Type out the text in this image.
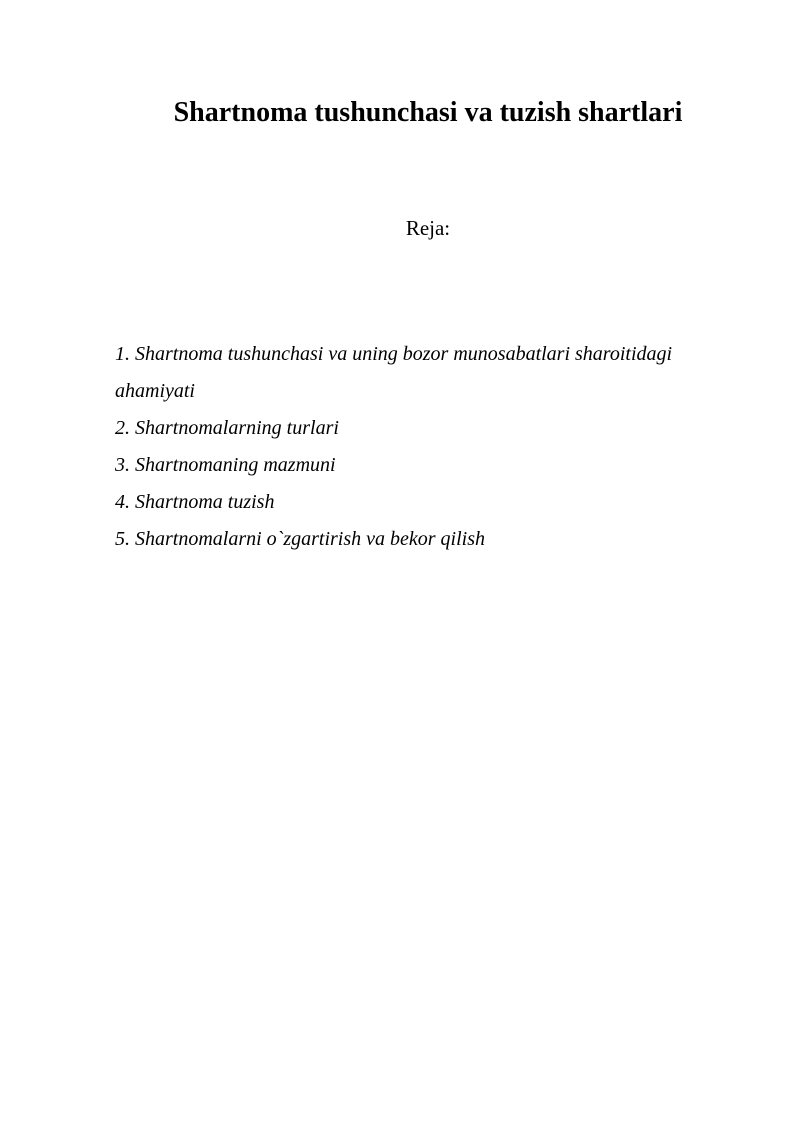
Shartnoma tushunchasi va tuzish shartlari
Reja:
1. Shartnoma tushunchasi va uning bozor munosabatlari sharoitidagi ahamiyati
2. Shartnomalarning turlari
3. Shartnomaning mazmuni
4. Shartnoma tuzish
5. Shartnomalarni o`zgartirish va bekor qilish
